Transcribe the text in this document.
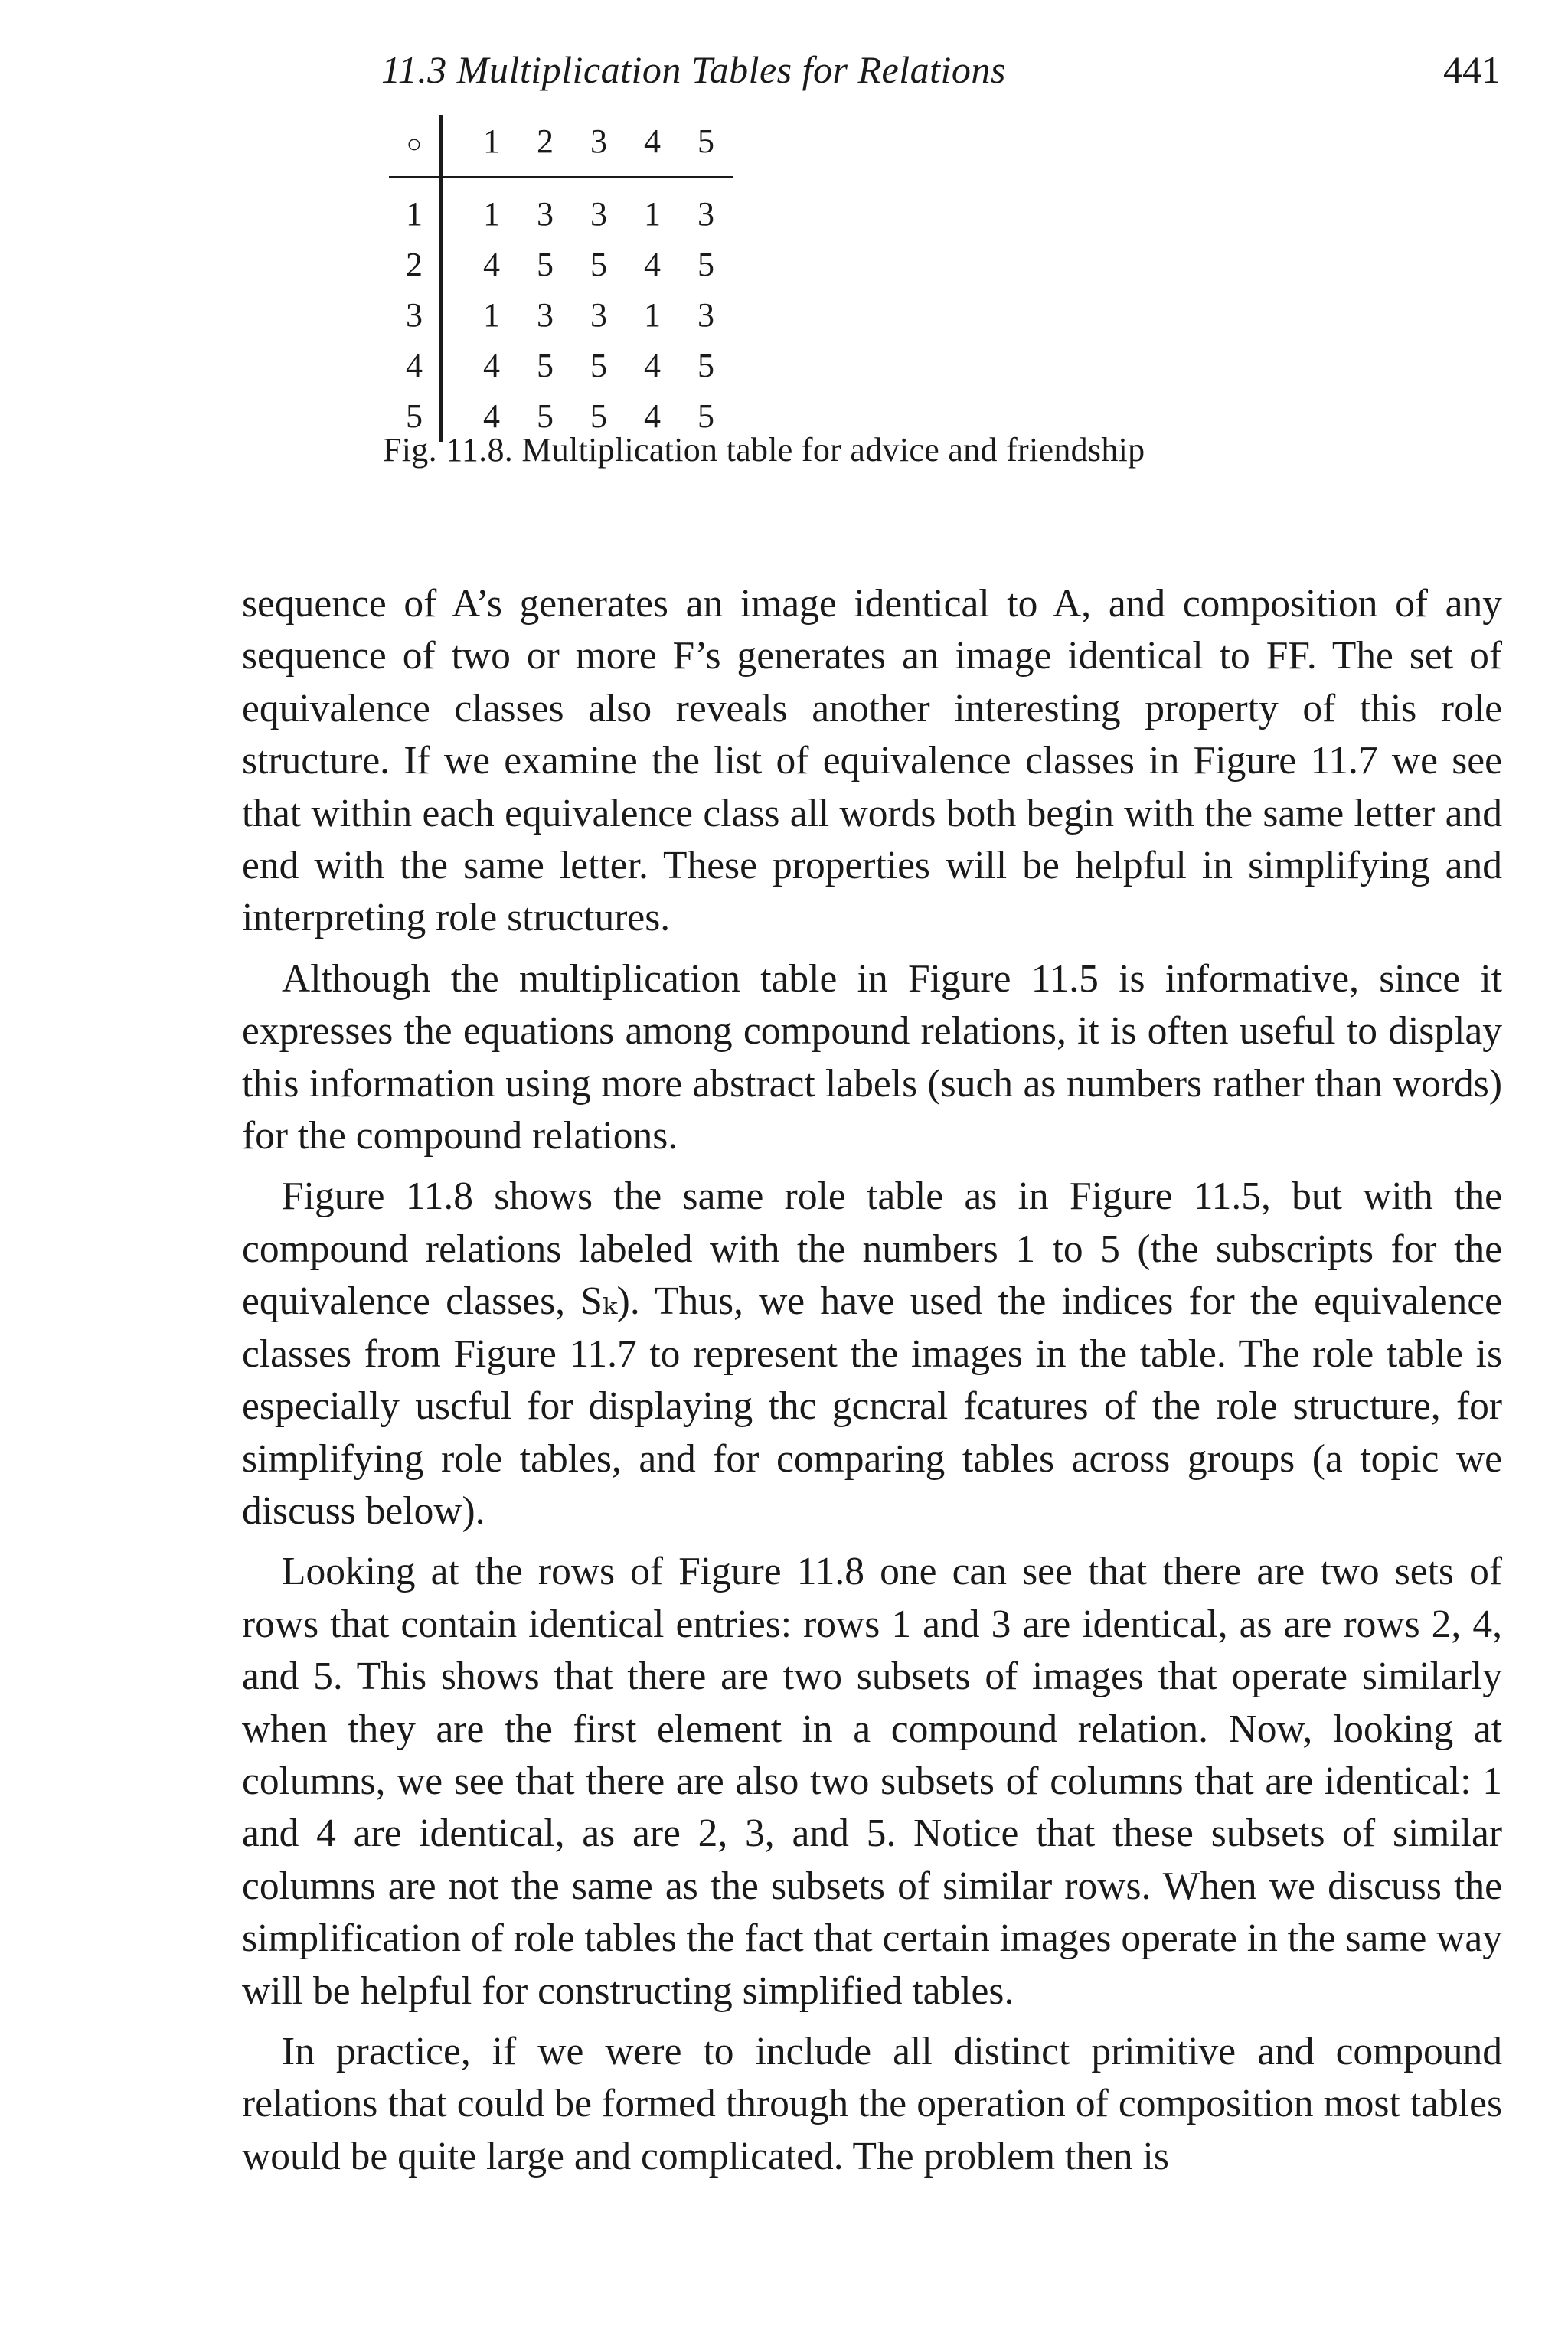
11.3 Multiplication Tables for Relations	441
○	1	2	3	4	5
1	1	3	3	1	3
2	4	5	5	4	5
3	1	3	3	1	3
4	4	5	5	4	5
5	4	5	5	4	5
Fig. 11.8. Multiplication table for advice and friendship

sequence of A’s generates an image identical to A, and composition of any sequence of two or more F’s generates an image identical to FF. The set of equivalence classes also reveals another interesting property of this role structure. If we examine the list of equivalence classes in Figure 11.7 we see that within each equivalence class all words both begin with the same letter and end with the same letter. These properties will be helpful in simplifying and interpreting role structures.

Although the multiplication table in Figure 11.5 is informative, since it expresses the equations among compound relations, it is often useful to display this information using more abstract labels (such as numbers rather than words) for the compound relations.

Figure 11.8 shows the same role table as in Figure 11.5, but with the compound relations labeled with the numbers 1 to 5 (the subscripts for the equivalence classes, Sₖ). Thus, we have used the indices for the equivalence classes from Figure 11.7 to represent the images in the table. The role table is especially uscful for displaying thc gcncral fcatures of the role structure, for simplifying role tables, and for comparing tables across groups (a topic we discuss below).

Looking at the rows of Figure 11.8 one can see that there are two sets of rows that contain identical entries: rows 1 and 3 are identical, as are rows 2, 4, and 5. This shows that there are two subsets of images that operate similarly when they are the first element in a compound relation. Now, looking at columns, we see that there are also two subsets of columns that are identical: 1 and 4 are identical, as are 2, 3, and 5. Notice that these subsets of similar columns are not the same as the subsets of similar rows. When we discuss the simplification of role tables the fact that certain images operate in the same way will be helpful for constructing simplified tables.

In practice, if we were to include all distinct primitive and compound relations that could be formed through the operation of composition most tables would be quite large and complicated. The problem then is
